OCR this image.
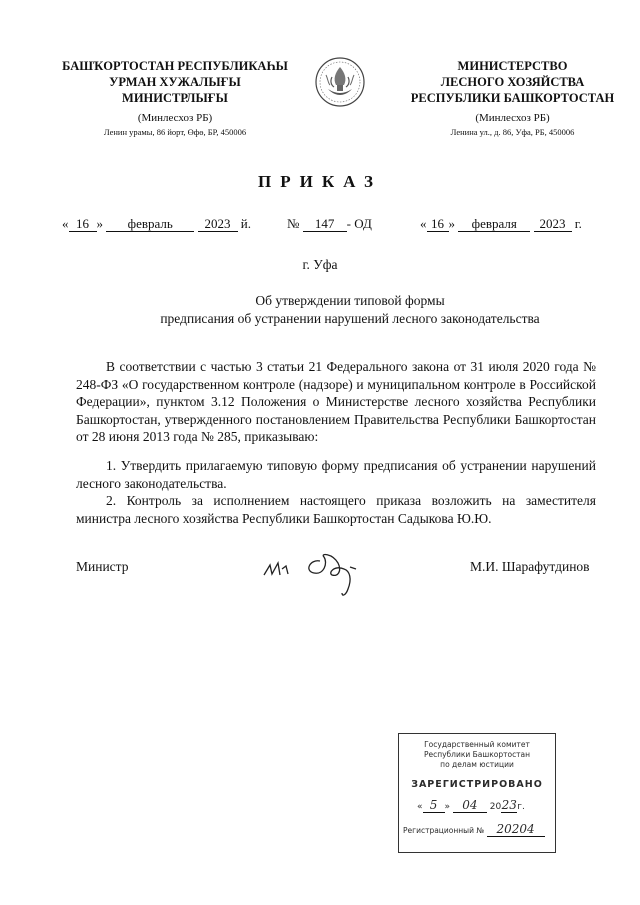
БАШҠОРТОСТАН РЕСПУБЛИКАҺЫ
УРМАН ХУЖАЛЫҒЫ
МИНИСТРЛЫҒЫ
(Минлесхоз РБ)
Ленин урамы, 86 йорт, Өфө, БР, 450006
МИНИСТЕРСТВО
ЛЕСНОГО ХОЗЯЙСТВА
РЕСПУБЛИКИ БАШКОРТОСТАН
(Минлесхоз РБ)
Ленина ул., д. 86, Уфа, РБ, 450006
ПРИКАЗ
« 16 » февраль 2023 й.	№ 147 - ОД	« 16 » февраля 2023 г.
г. Уфа
Об утверждении типовой формы
предписания об устранении нарушений лесного законодательства
В соответствии с частью 3 статьи 21 Федерального закона от 31 июля 2020 года № 248-ФЗ «О государственном контроле (надзоре) и муниципальном контроле в Российской Федерации», пунктом 3.12 Положения о Министерстве лесного хозяйства Республики Башкортостан, утвержденного постановлением Правительства Республики Башкортостан от 28 июня 2013 года № 285, приказываю:
1. Утвердить прилагаемую типовую форму предписания об устранении нарушений лесного законодательства.
2. Контроль за исполнением настоящего приказа возложить на заместителя министра лесного хозяйства Республики Башкортостан Садыкова Ю.Ю.
Министр	М.И. Шарафутдинов
Государственный комитет
Республики Башкортостан
по делам юстиции
ЗАРЕГИСТРИРОВАНО
« 5 » 04 2023г.
Регистрационный № 20204
